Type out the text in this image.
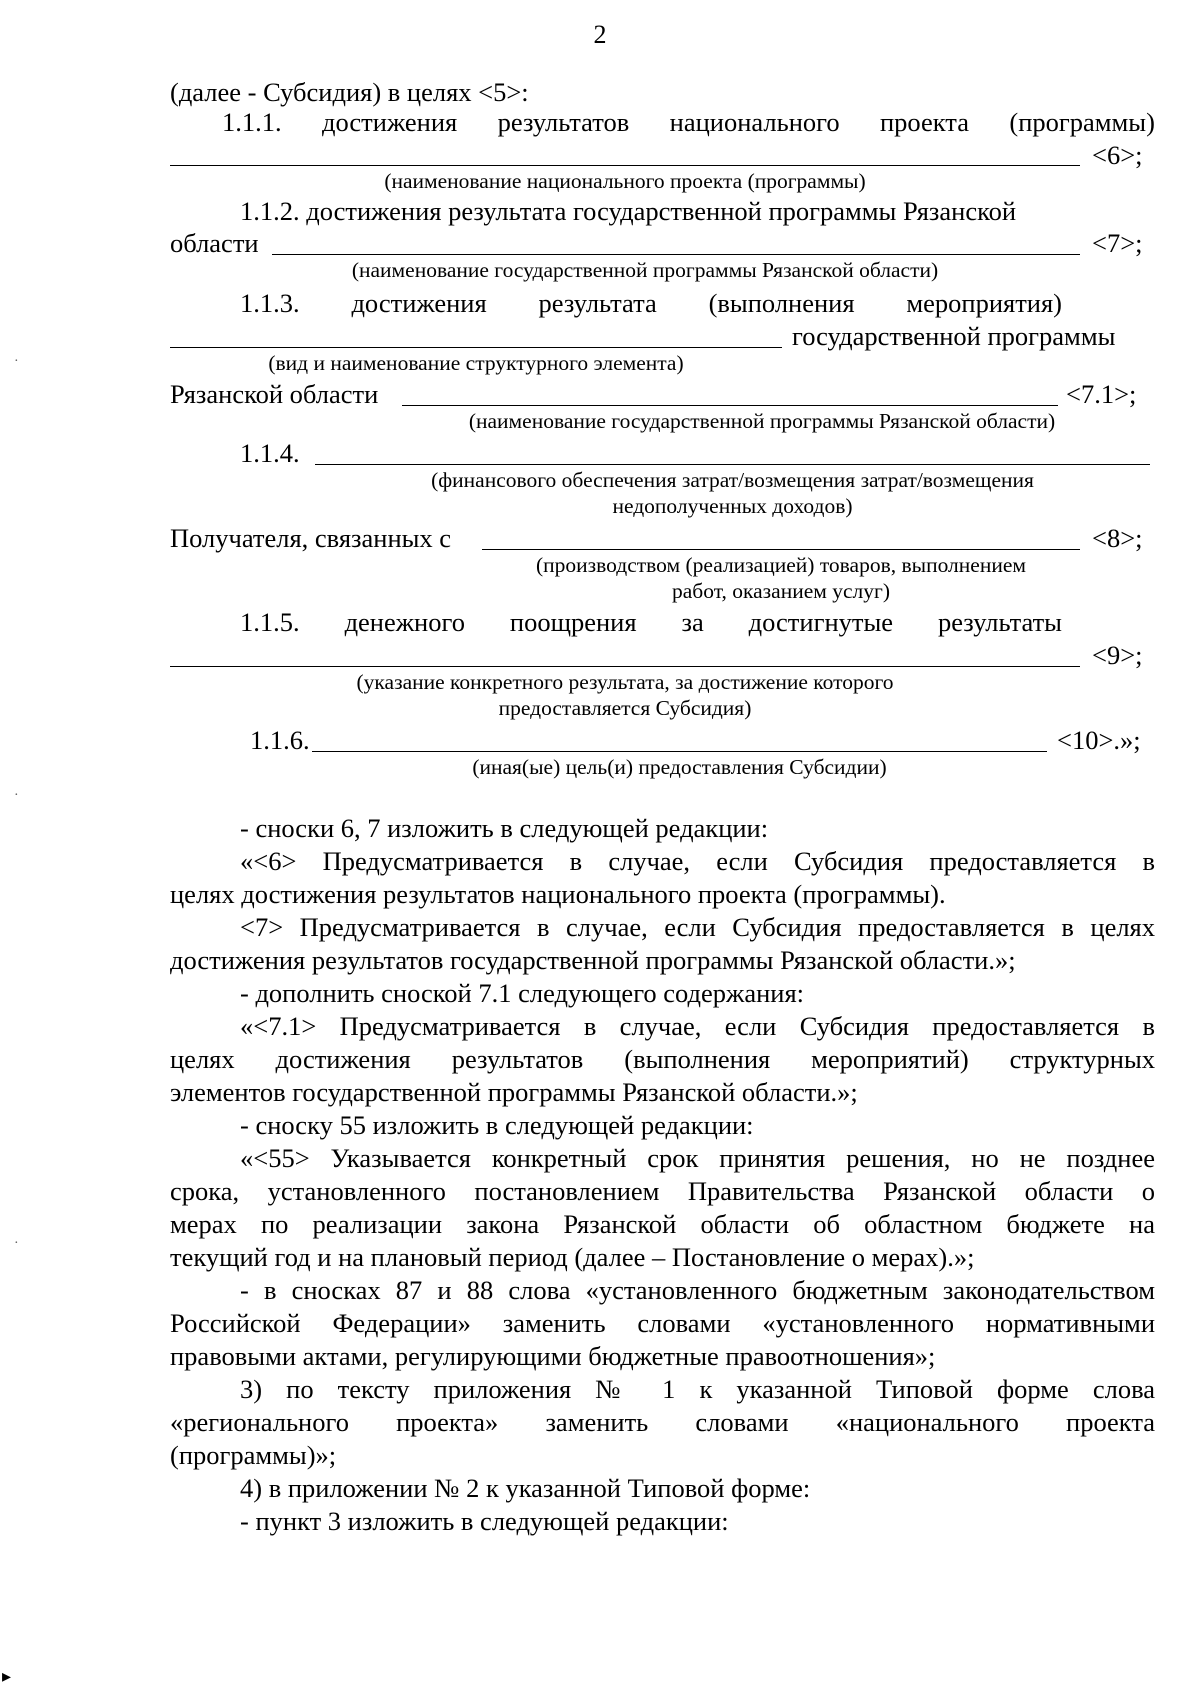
2
(далее - Субсидия) в целях <5>:
1.1.1. достижения результатов национального проекта (программы)
<6>;
(наименование национального проекта (программы)
1.1.2. достижения результата государственной программы Рязанской
области	<7>;
(наименование государственной программы Рязанской области)
1.1.3. достижения результата (выполнения мероприятия)
государственной программы
(вид и наименование структурного элемента)
Рязанской области	<7.1>;
(наименование государственной программы Рязанской области)
1.1.4.
(финансового обеспечения затрат/возмещения затрат/возмещения
недополученных доходов)
Получателя, связанных с	<8>;
(производством (реализацией) товаров, выполнением
работ, оказанием услуг)
1.1.5. денежного поощрения за достигнутые результаты
<9>;
(указание конкретного результата, за достижение которого
предоставляется Субсидия)
1.1.6.	<10>.»;
(иная(ые) цель(и) предоставления Субсидии)
- сноски 6, 7 изложить в следующей редакции:
«<6> Предусматривается в случае, если Субсидия предоставляется в
целях достижения результатов национального проекта (программы).
<7> Предусматривается в случае, если Субсидия предоставляется в целях
достижения результатов государственной программы Рязанской области.»;
- дополнить сноской 7.1 следующего содержания:
«<7.1> Предусматривается в случае, если Субсидия предоставляется в
целях достижения результатов (выполнения мероприятий) структурных
элементов государственной программы Рязанской области.»;
- сноску 55 изложить в следующей редакции:
«<55> Указывается конкретный срок принятия решения, но не позднее
срока, установленного постановлением Правительства Рязанской области о
мерах по реализации закона Рязанской области об областном бюджете на
текущий год и на плановый период (далее – Постановление о мерах).»;
- в сносках 87 и 88 слова «установленного бюджетным законодательством
Российской Федерации» заменить словами «установленного нормативными
правовыми актами, регулирующими бюджетные правоотношения»;
3) по тексту приложения № 1 к указанной Типовой форме слова
«регионального проекта» заменить словами «национального проекта
(программы)»;
4) в приложении № 2 к указанной Типовой форме:
- пункт 3 изложить в следующей редакции:
·
·
·
▸
